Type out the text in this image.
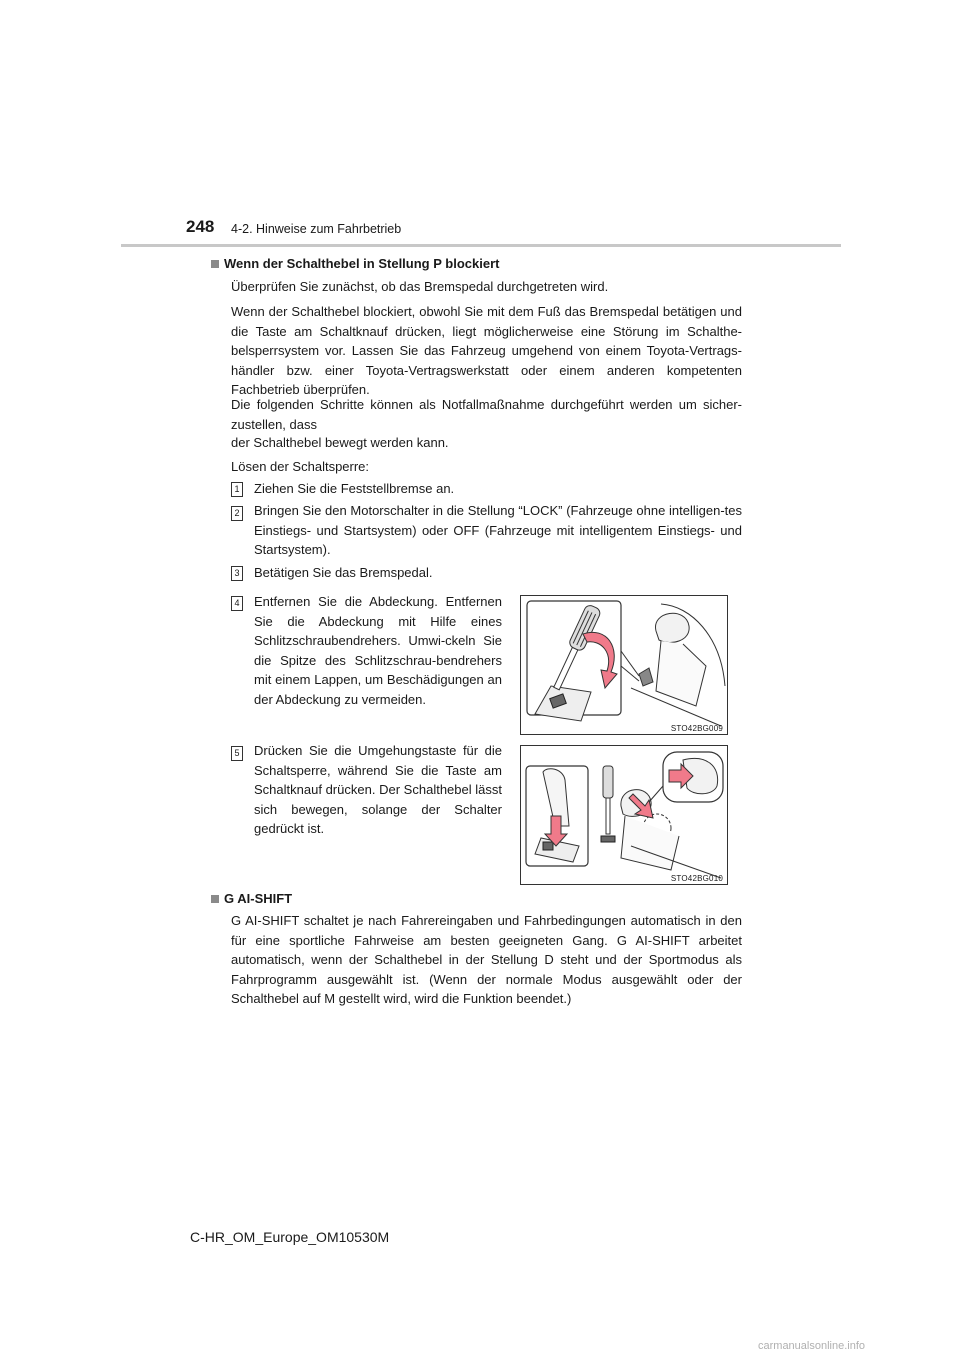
248 4-2. Hinweise zum Fahrbetrieb
Wenn der Schalthebel in Stellung P blockiert

Überprüfen Sie zunächst, ob das Bremspedal durchgetreten wird.

Wenn der Schalthebel blockiert, obwohl Sie mit dem Fuß das Bremspedal betätigen und die Taste am Schaltknauf drücken, liegt möglicherweise eine Störung im Schalthe-belsperrsystem vor. Lassen Sie das Fahrzeug umgehend von einem Toyota-Vertrags-händler bzw. einer Toyota-Vertragswerkstatt oder einem anderen kompetenten Fachbetrieb überprüfen.

Die folgenden Schritte können als Notfallmaßnahme durchgeführt werden um sicher-zustellen, dass

der Schalthebel bewegt werden kann.

Lösen der Schaltsperre:

1 Ziehen Sie die Feststellbremse an.

2 Bringen Sie den Motorschalter in die Stellung “LOCK” (Fahrzeuge ohne intelligen-tes Einstiegs- und Startsystem) oder OFF (Fahrzeuge mit intelligentem Einstiegs- und Startsystem).

3 Betätigen Sie das Bremspedal.

4 Entfernen Sie die Abdeckung. Entfernen Sie die Abdeckung mit Hilfe eines Schlitzschraubendrehers. Umwi-ckeln Sie die Spitze des Schlitzschrau-bendrehers mit einem Lappen, um Beschädigungen an der Abdeckung zu vermeiden.

5 Drücken Sie die Umgehungstaste für die Schaltsperre, während Sie die Taste am Schaltknauf drücken. Der Schalthebel lässt sich bewegen, solange der Schalter gedrückt ist.

STO42BG009
STO42BG010
G AI-SHIFT

G AI-SHIFT schaltet je nach Fahrereingaben und Fahrbedingungen automatisch in den für eine sportliche Fahrweise am besten geeigneten Gang. G AI-SHIFT arbeitet automatisch, wenn der Schalthebel in der Stellung D steht und der Sportmodus als Fahrprogramm ausgewählt ist. (Wenn der normale Modus ausgewählt oder der Schalthebel auf M gestellt wird, wird die Funktion beendet.)

C-HR_OM_Europe_OM10530M
carmanualsonline.info
